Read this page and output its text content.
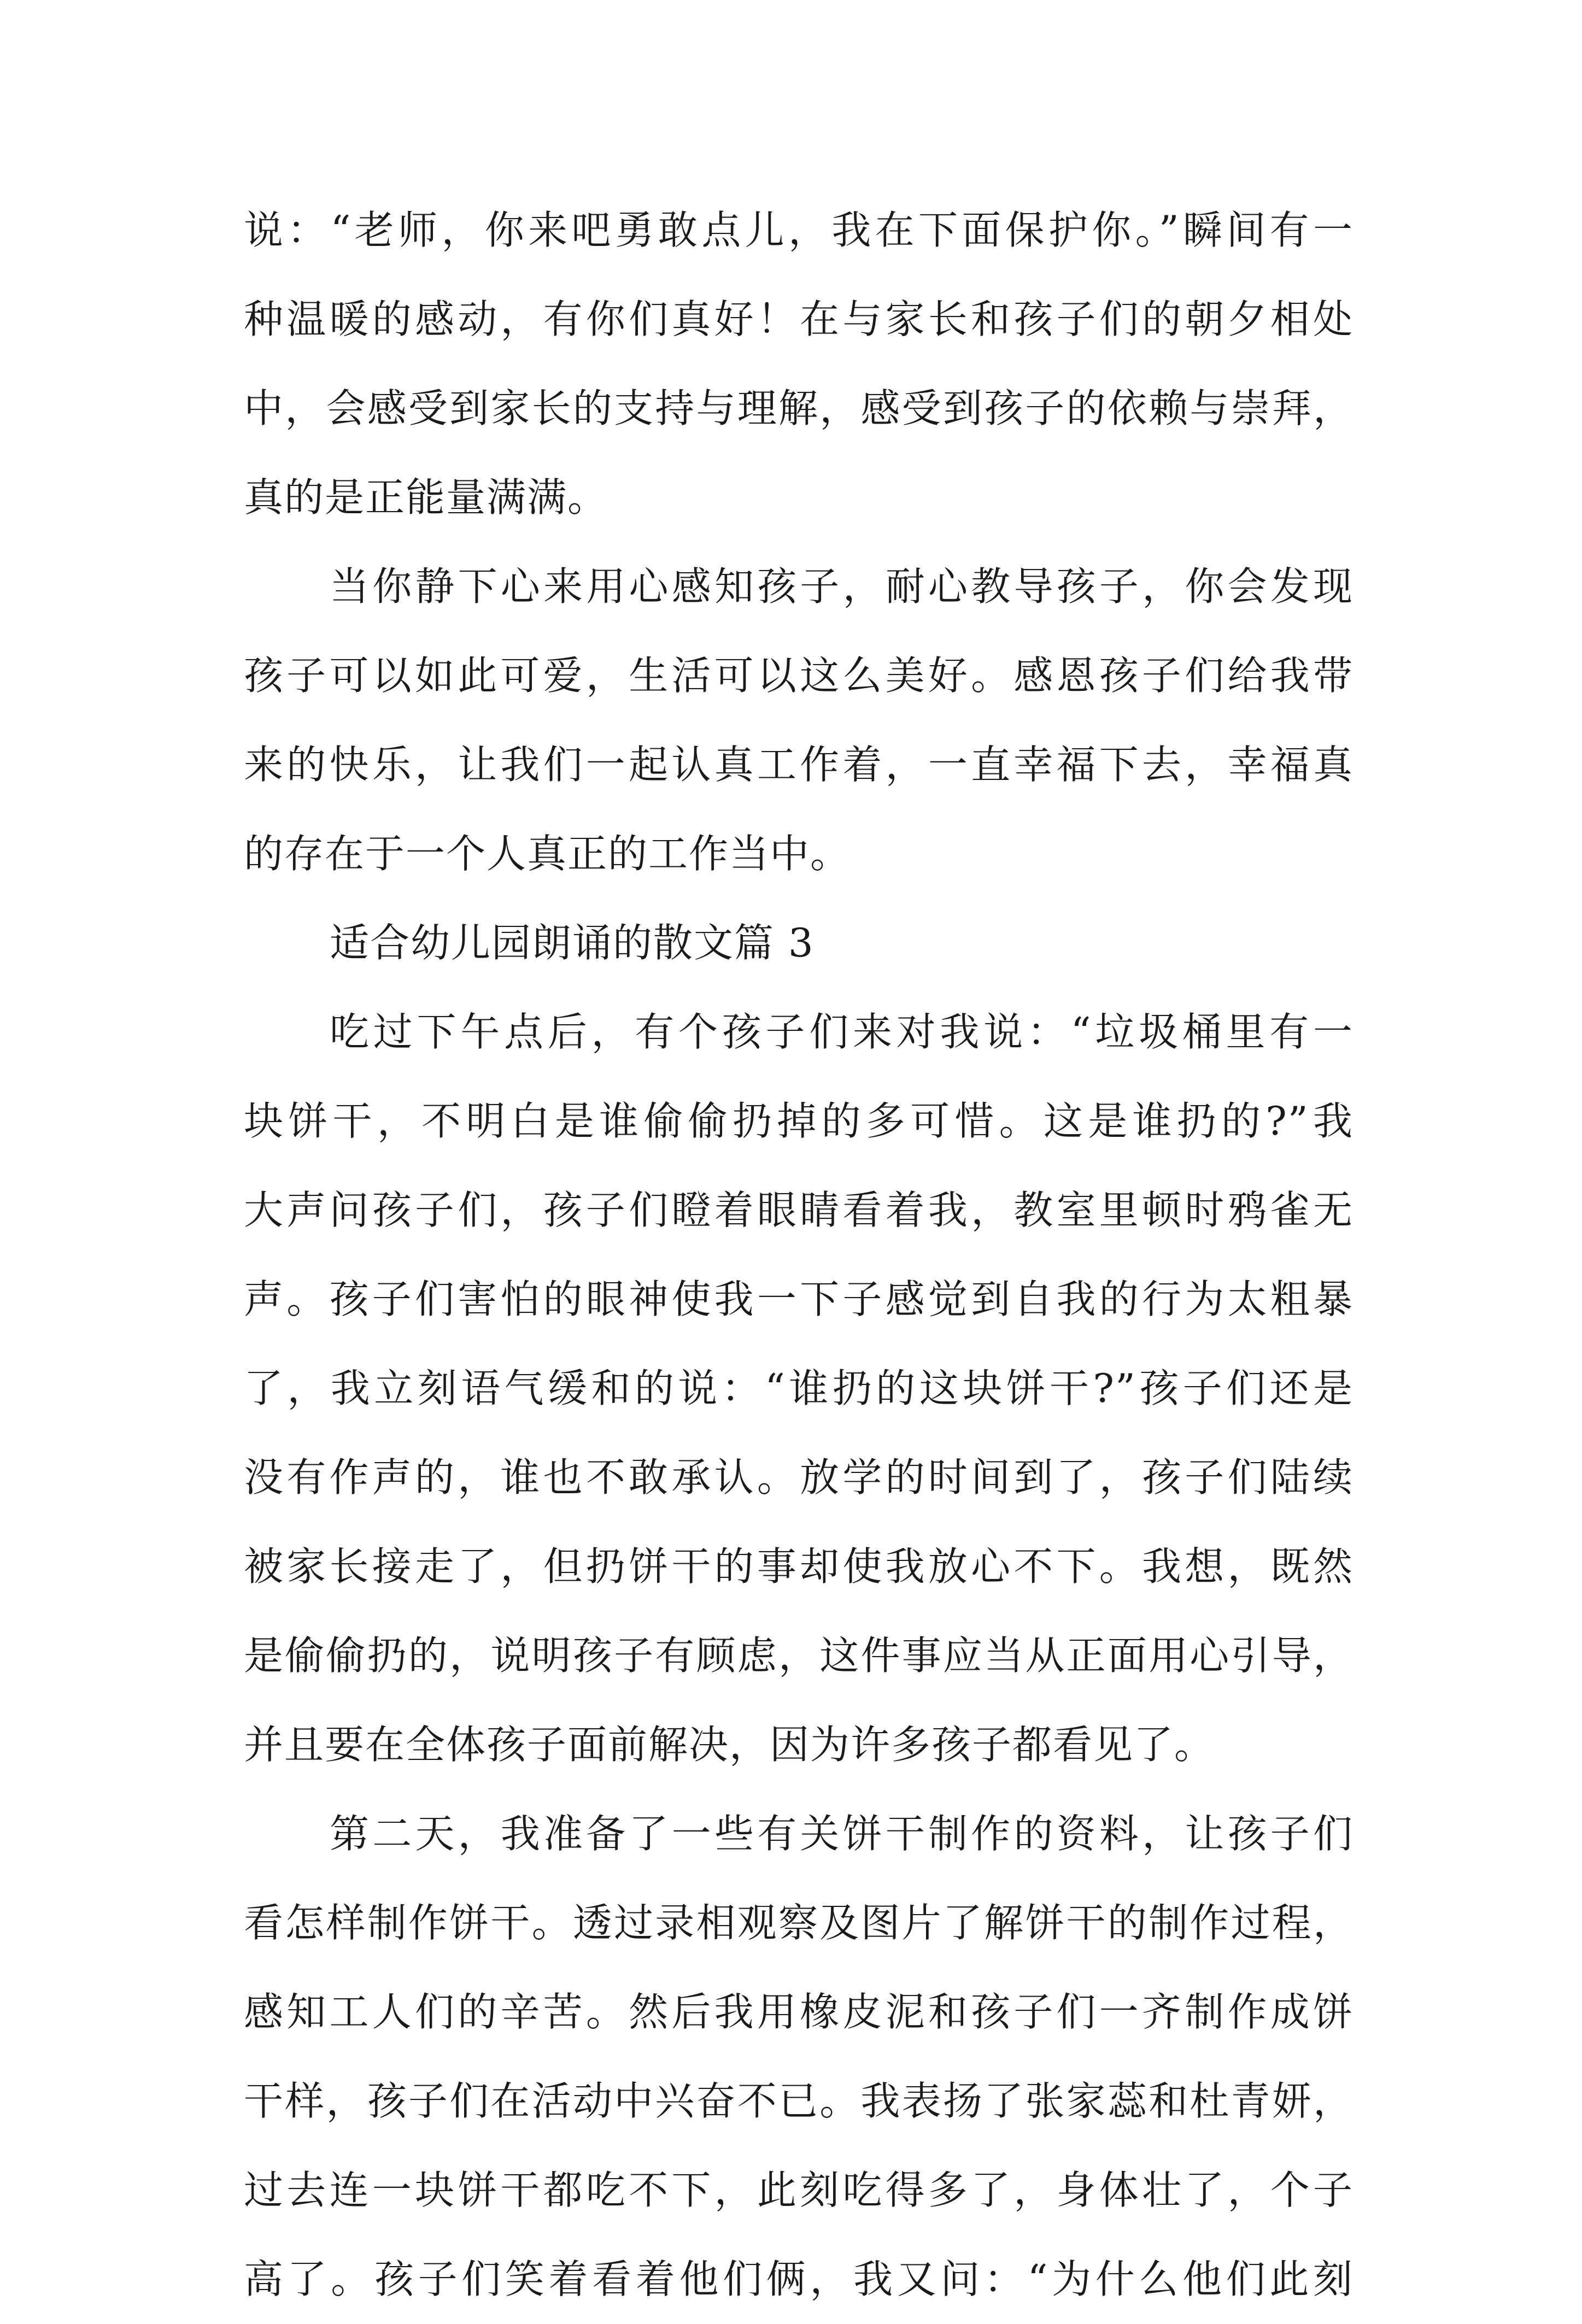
说：“老师，你来吧勇敢点儿，我在下面保护你。”瞬间有一
种温暖的感动，有你们真好！在与家长和孩子们的朝夕相处
中，会感受到家长的支持与理解，感受到孩子的依赖与崇拜，
真的是正能量满满。
当你静下心来用心感知孩子，耐心教导孩子，你会发现
孩子可以如此可爱，生活可以这么美好。感恩孩子们给我带
来的快乐，让我们一起认真工作着，一直幸福下去，幸福真
的存在于一个人真正的工作当中。
适合幼儿园朗诵的散文篇 3
吃过下午点后，有个孩子们来对我说：“垃圾桶里有一
块饼干，不明白是谁偷偷扔掉的多可惜。这是谁扔的?”我
大声问孩子们，孩子们瞪着眼睛看着我，教室里顿时鸦雀无
声。孩子们害怕的眼神使我一下子感觉到自我的行为太粗暴
了，我立刻语气缓和的说：“谁扔的这块饼干?”孩子们还是
没有作声的，谁也不敢承认。放学的时间到了，孩子们陆续
被家长接走了，但扔饼干的事却使我放心不下。我想，既然
是偷偷扔的，说明孩子有顾虑，这件事应当从正面用心引导，
并且要在全体孩子面前解决，因为许多孩子都看见了。
第二天，我准备了一些有关饼干制作的资料，让孩子们
看怎样制作饼干。透过录相观察及图片了解饼干的制作过程，
感知工人们的辛苦。然后我用橡皮泥和孩子们一齐制作成饼
干样，孩子们在活动中兴奋不已。我表扬了张家蕊和杜青妍，
过去连一块饼干都吃不下，此刻吃得多了，身体壮了，个子
高了。孩子们笑着看着他们俩，我又问：“为什么他们此刻
